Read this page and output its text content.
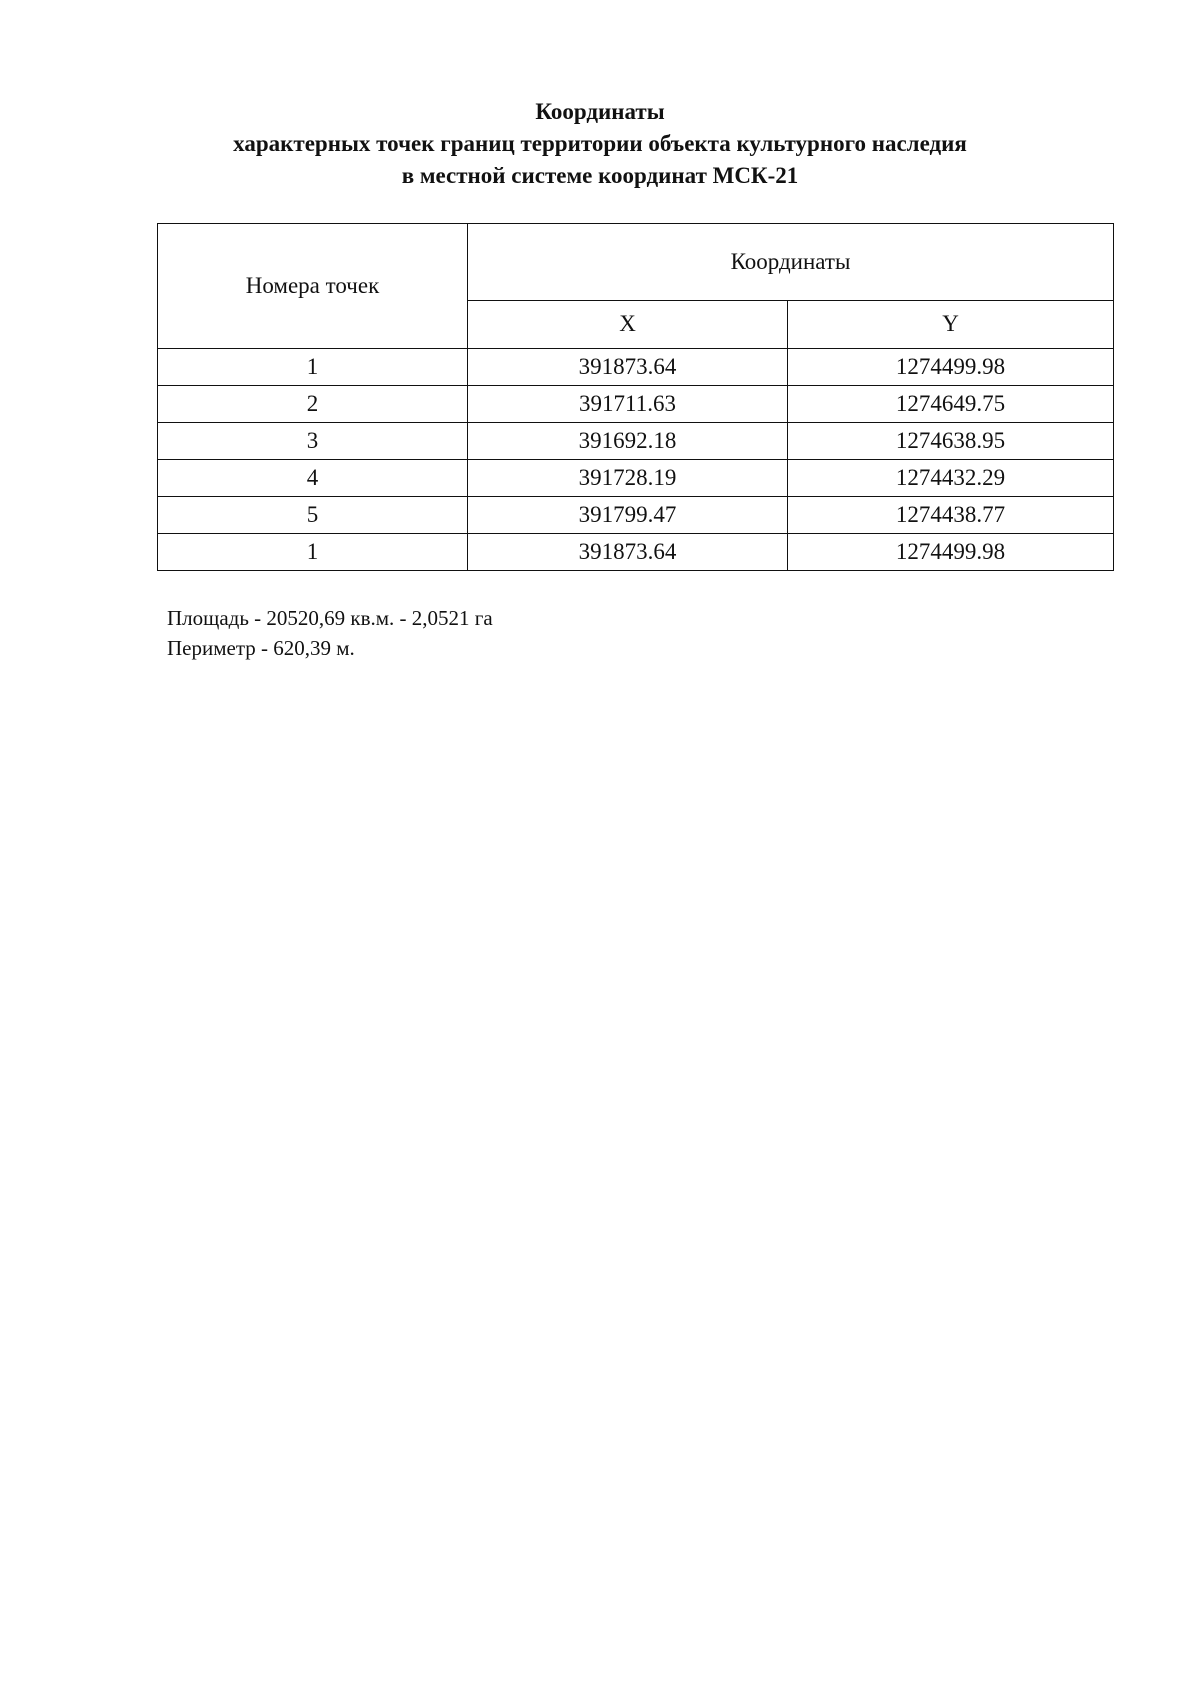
Координаты
характерных точек границ территории объекта культурного наследия
в местной системе координат МСК-21
Номера точек	Координаты	
	X	Y
1	391873.64	1274499.98
2	391711.63	1274649.75
3	391692.18	1274638.95
4	391728.19	1274432.29
5	391799.47	1274438.77
1	391873.64	1274499.98
Площадь - 20520,69 кв.м. - 2,0521 га
Периметр - 620,39 м.
